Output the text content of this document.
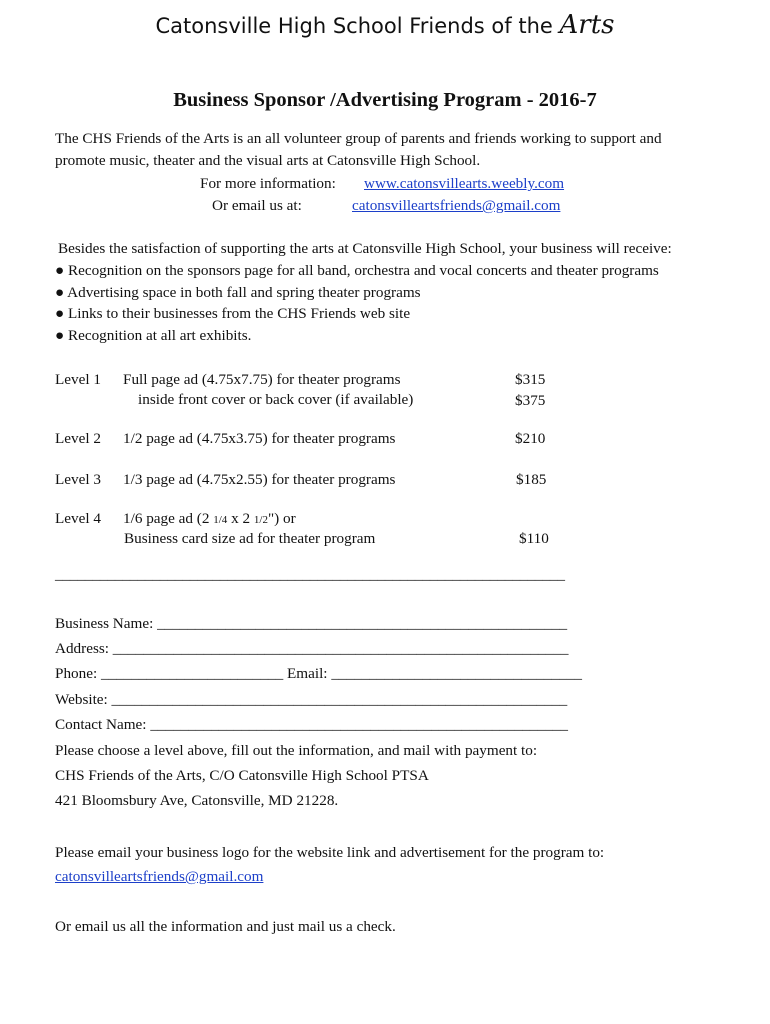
Catonsville High School Friends of the Arts
Business Sponsor /Advertising Program - 2016-7
The CHS Friends of the Arts is an all volunteer group of parents and friends working to support and
promote music, theater and the visual arts at Catonsville High School.
For more information: www.catonsvillearts.weebly.com
Or email us at:	catonsvilleartsfriends@gmail.com
Besides the satisfaction of supporting the arts at Catonsville High School, your business will receive:
● Recognition on the sponsors page for all band, orchestra and vocal concerts and theater programs
● Advertising space in both fall and spring theater programs
● Links to their businesses from the CHS Friends web site
● Recognition at all art exhibits.
Level 1 Full page ad (4.75x7.75) for theater programs	$315
inside front cover or back cover (if available)	$375
Level 2 1/2 page ad (4.75x3.75) for theater programs	$210
Level 3 1/3 page ad (4.75x2.55) for theater programs	$185
Level 4 1/6 page ad (2 1/4 x 2 1/2") or
Business card size ad for theater program	$110
____________________________________________________________________
Business Name: ______________________________________________________
Address: ____________________________________________________________
Phone: ________________________ Email: _________________________________
Website: ____________________________________________________________
Contact Name: _______________________________________________________
Please choose a level above, fill out the information, and mail with payment to:
CHS Friends of the Arts, C/O Catonsville High School PTSA
421 Bloomsbury Ave, Catonsville, MD 21228.
Please email your business logo for the website link and advertisement for the program to:
catonsvilleartsfriends@gmail.com
Or email us all the information and just mail us a check.
